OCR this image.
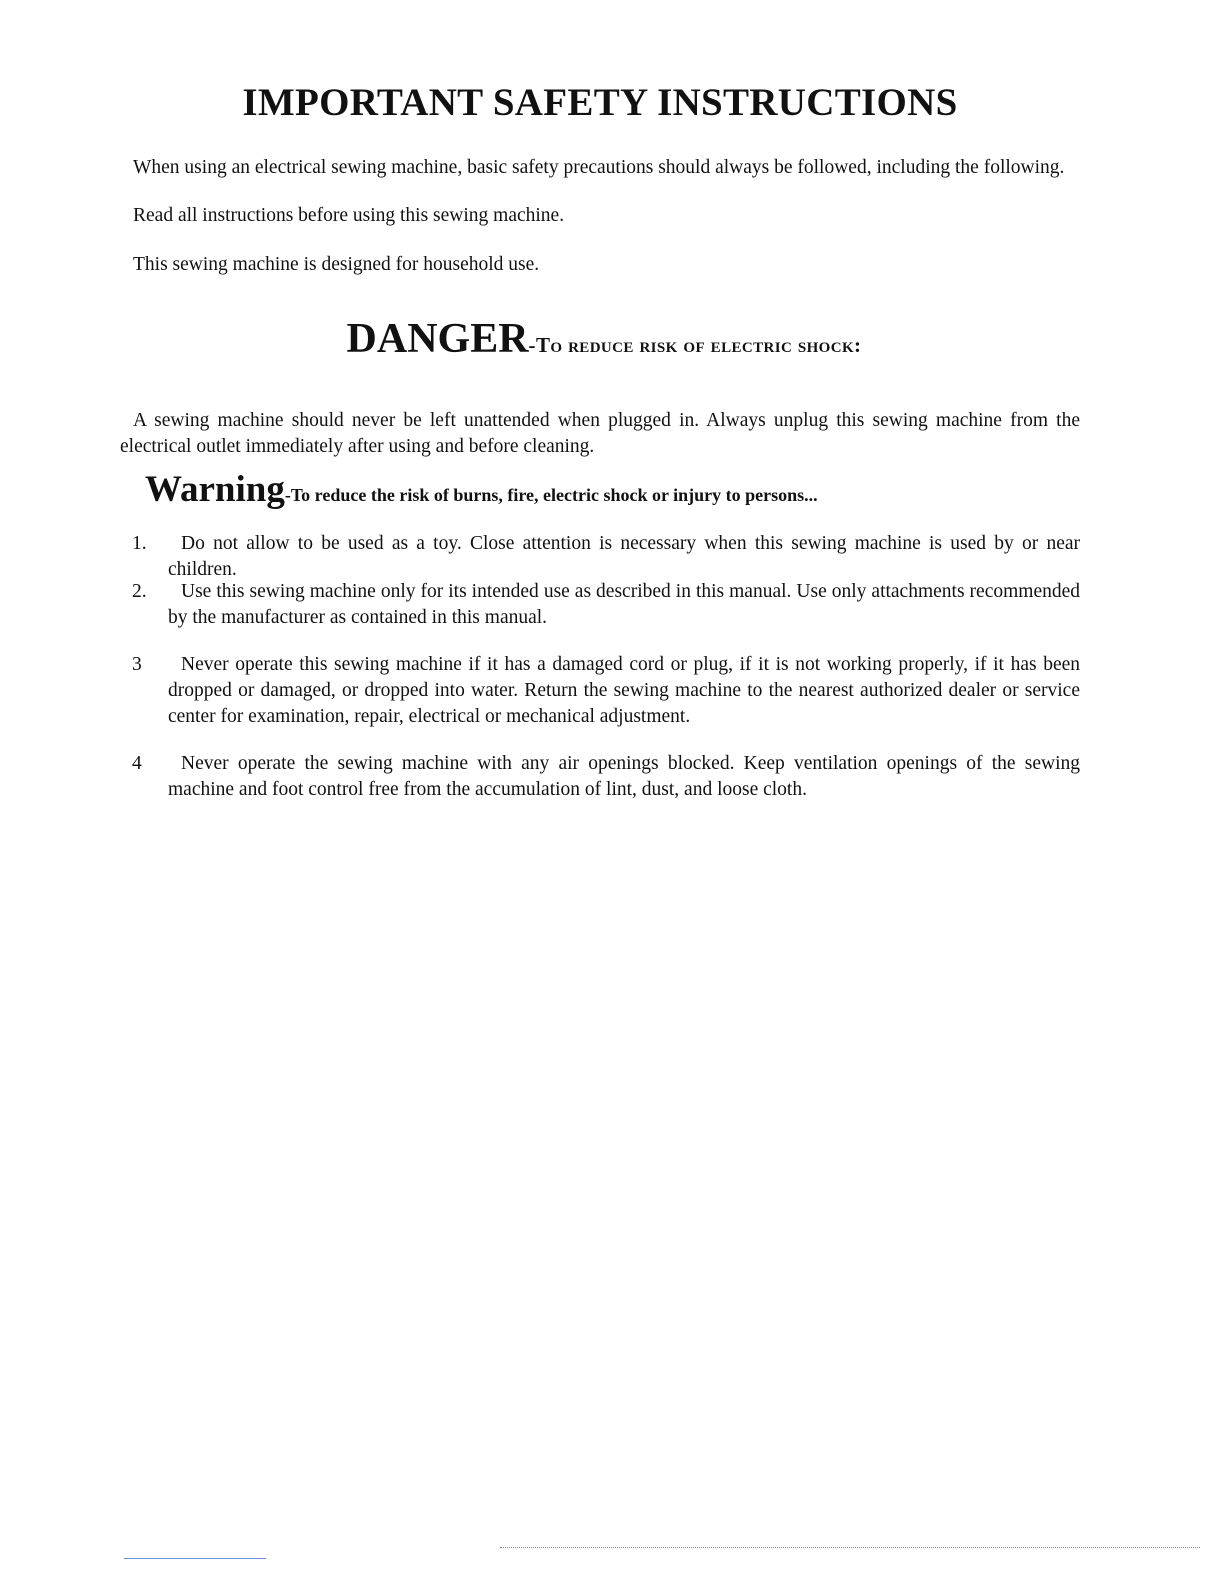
IMPORTANT SAFETY INSTRUCTIONS

When using an electrical sewing machine, basic safety precautions should always be followed, including the following.

Read all instructions before using this sewing machine.

This sewing machine is designed for household use.

DANGER-To reduce risk of electric shock:

A sewing machine should never be left unattended when plugged in. Always unplug this sewing machine from the electrical outlet immediately after using and before cleaning.

Warning-To reduce the risk of burns, fire, electric shock or injury to persons...
1.	Do not allow to be used as a toy. Close attention is necessary when this sewing machine is used by or near children.

2.	Use this sewing machine only for its intended use as described in this manual. Use only attachments recommended by the manufacturer as contained in this manual.

3	Never operate this sewing machine if it has a damaged cord or plug, if it is not working properly, if it has been dropped or damaged, or dropped into water. Return the sewing machine to the nearest authorized dealer or service center for examination, repair, electrical or mechanical adjustment.

4	Never operate the sewing machine with any air openings blocked. Keep ventilation openings of the sewing machine and foot control free from the accumulation of lint, dust, and loose cloth.
